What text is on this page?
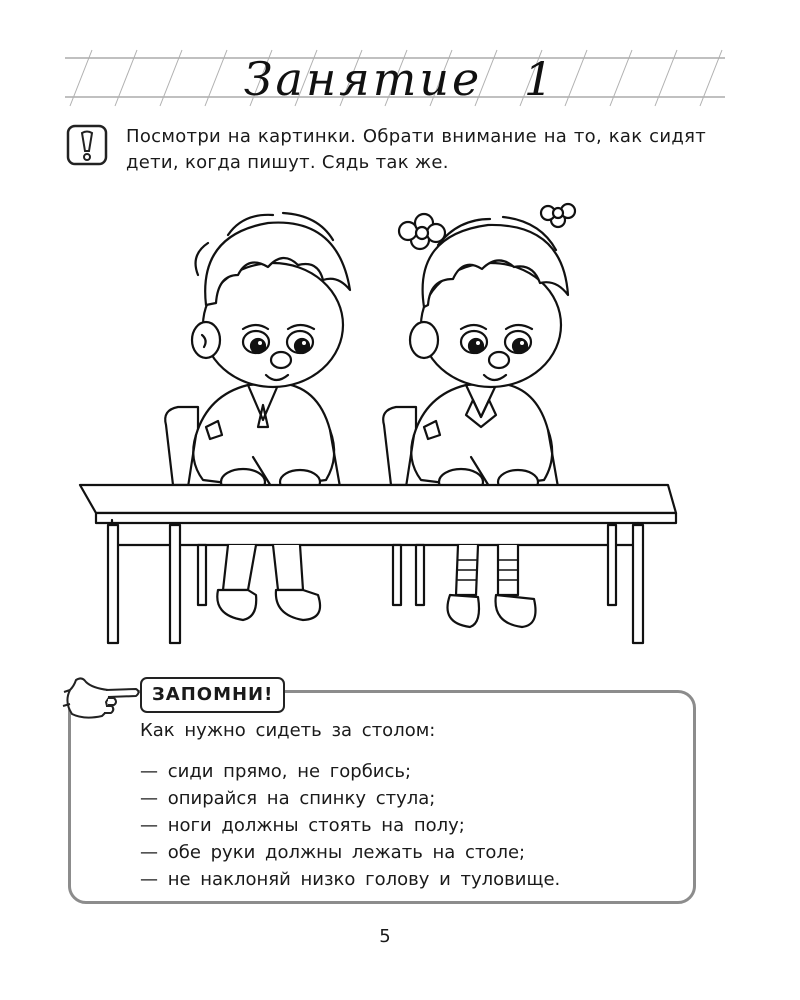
Занятие 1
Посмотри на картинки. Обрати внимание на то, как сидят дети, когда пишут. Сядь так же.
ЗАПОМНИ!
Как нужно сидеть за столом:
— сиди прямо, не горбись;
— опирайся на спинку стула;
— ноги должны стоять на полу;
— обе руки должны лежать на столе;
— не наклоняй низко голову и туловище.
5
